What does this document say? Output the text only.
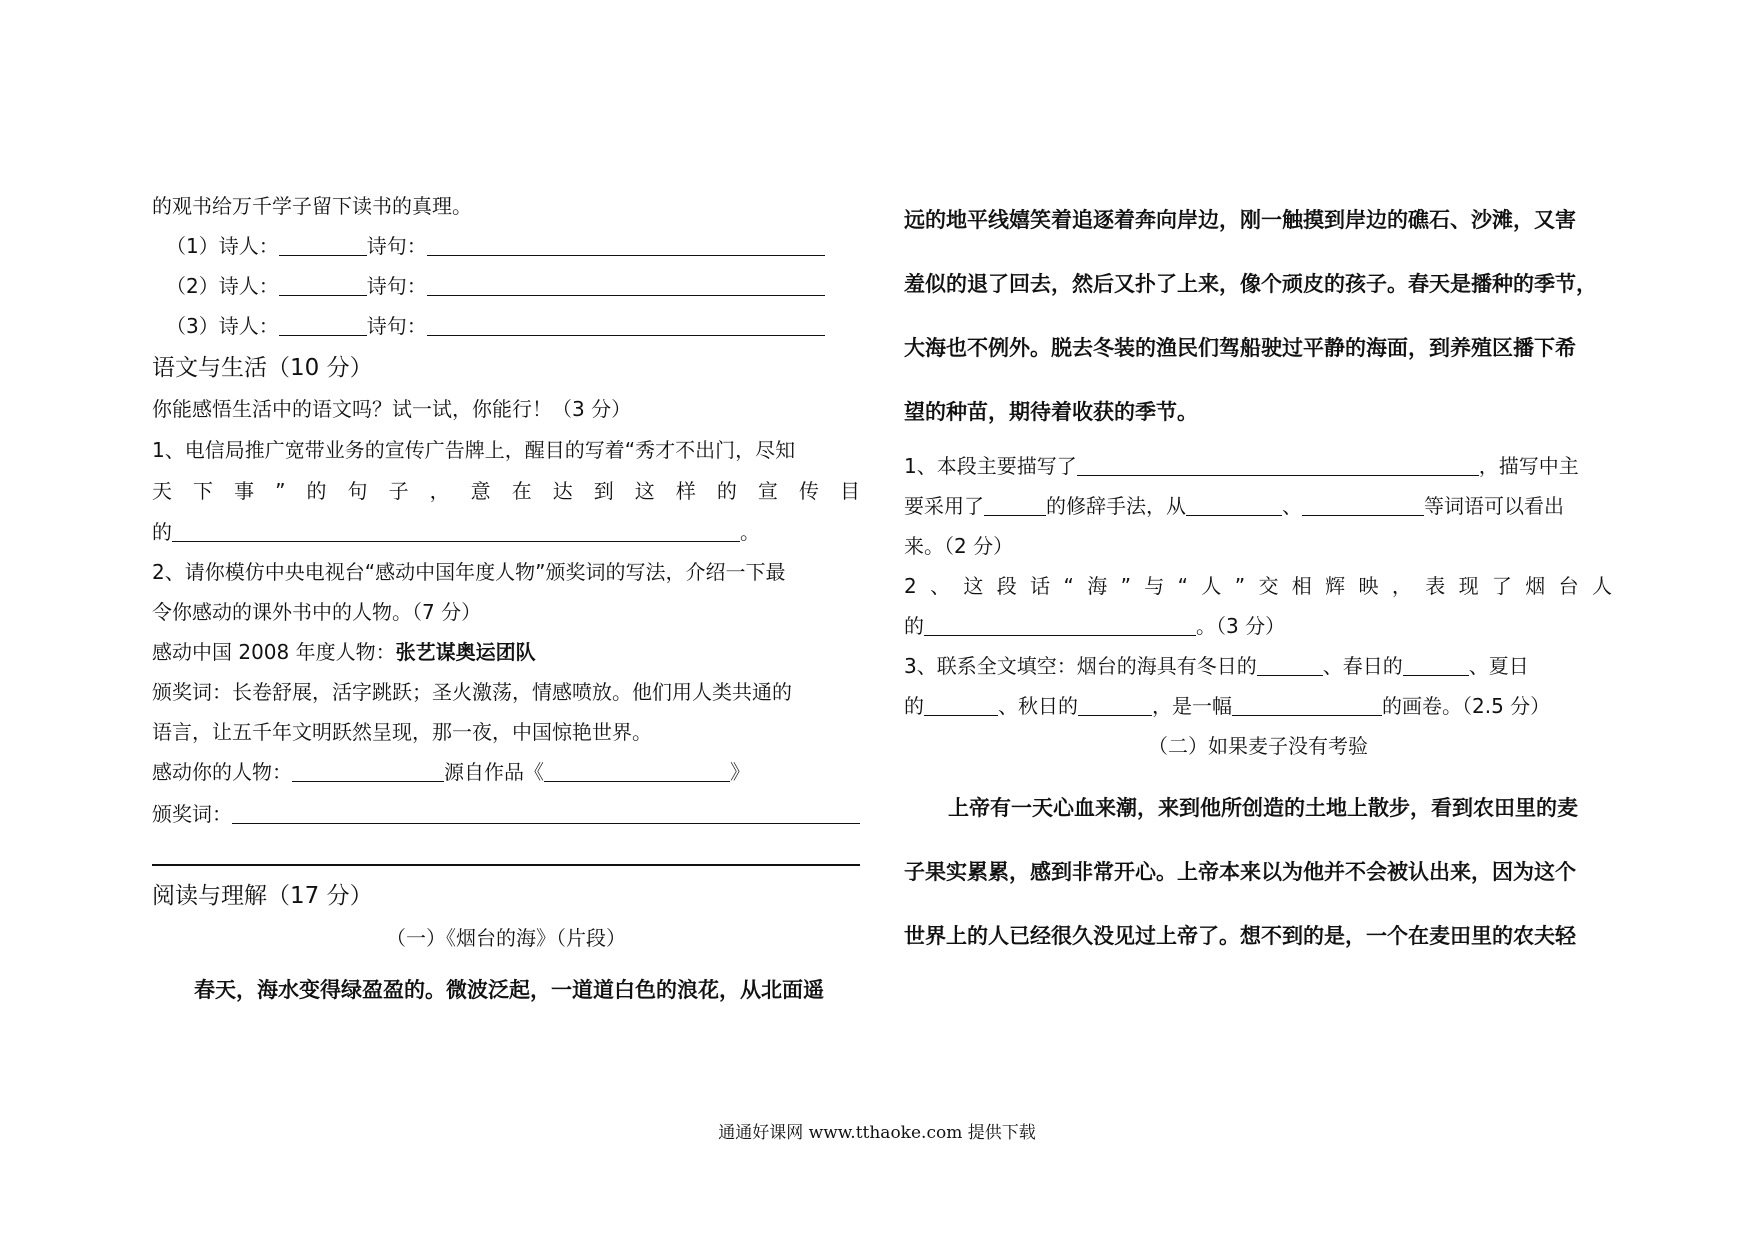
的观书给万千学子留下读书的真理。
（1）诗人：	诗句：
（2）诗人：	诗句：
（3）诗人：	诗句：
语文与生活（10 分）
你能感悟生活中的语文吗？试一试，你能行！（3 分）
1、电信局推广宽带业务的宣传广告牌上，醒目的写着“秀才不出门，尽知
天下事”的句子，意在达到这样的宣传目
的	。
2、请你模仿中央电视台“感动中国年度人物”颁奖词的写法，介绍一下最
令你感动的课外书中的人物。（7 分）
感动中国 2008 年度人物：张艺谋奥运团队
颁奖词：长卷舒展，活字跳跃；圣火激荡，情感喷放。他们用人类共通的
语言，让五千年文明跃然呈现，那一夜，中国惊艳世界。
感动你的人物：	源自作品《	》
颁奖词：
阅读与理解（17 分）
（一）《烟台的海》（片段）
春天，海水变得绿盈盈的。微波泛起，一道道白色的浪花，从北面遥
远的地平线嬉笑着追逐着奔向岸边，刚一触摸到岸边的礁石、沙滩，又害
羞似的退了回去，然后又扑了上来，像个顽皮的孩子。春天是播种的季节，
大海也不例外。脱去冬装的渔民们驾船驶过平静的海面，到养殖区播下希
望的种苗，期待着收获的季节。
1、本段主要描写了	，描写中主
要采用了	的修辞手法，从	、	等词语可以看出
来。（2 分）
2、这段话“海”与“人”交相辉映，表现了烟台人
的	。（3 分）
3、联系全文填空：烟台的海具有冬日的	、春日的	、夏日
的	、秋日的	，是一幅	的画卷。（2.5 分）
（二）如果麦子没有考验
上帝有一天心血来潮，来到他所创造的土地上散步，看到农田里的麦
子果实累累，感到非常开心。上帝本来以为他并不会被认出来，因为这个
世界上的人已经很久没见过上帝了。想不到的是，一个在麦田里的农夫轻
通通好课网 www.tthaoke.com 提供下载
